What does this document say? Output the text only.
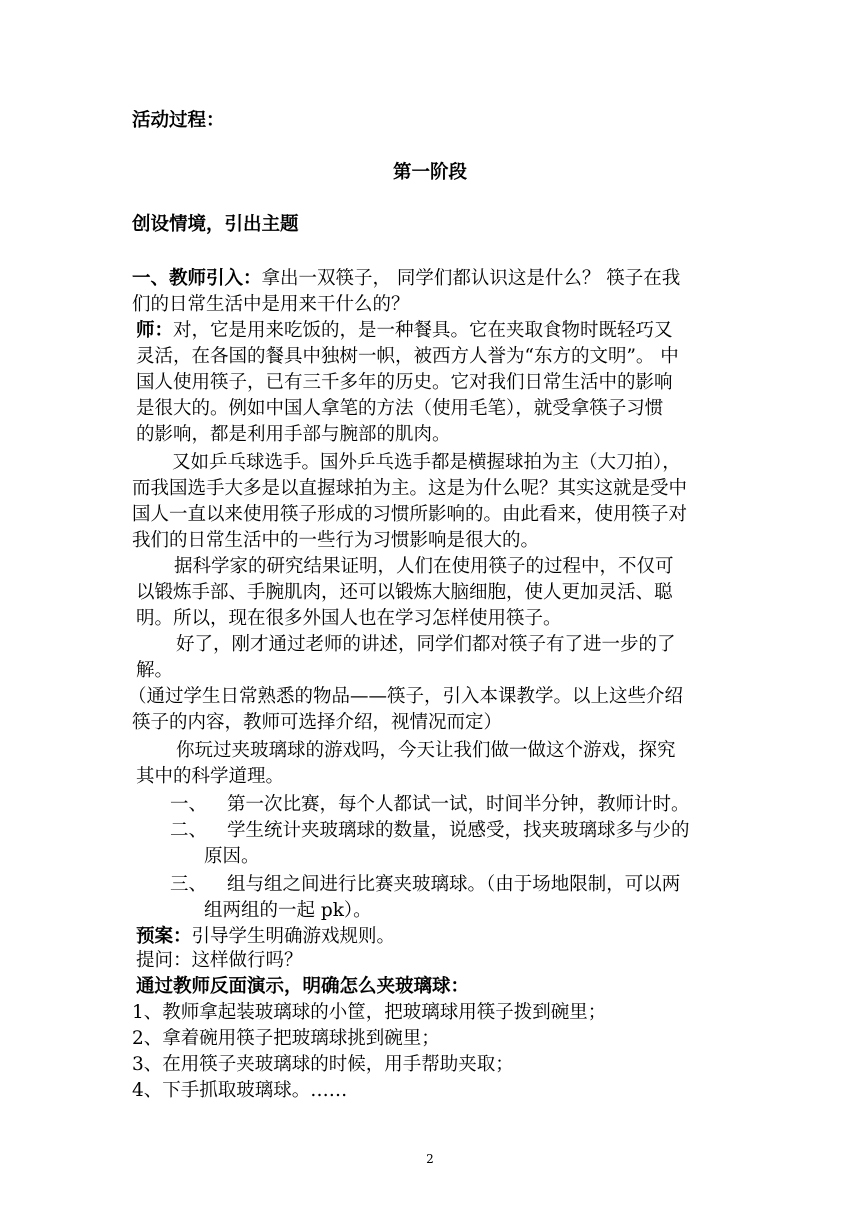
活动过程：
第一阶段
创设情境，引出主题
一、教师引入：拿出一双筷子， 同学们都认识这是什么？ 筷子在我
们的日常生活中是用来干什么的？
师：对，它是用来吃饭的，是一种餐具。它在夹取食物时既轻巧又
灵活，在各国的餐具中独树一帜，被西方人誉为“东方的文明”。 中
国人使用筷子，已有三千多年的历史。它对我们日常生活中的影响
是很大的。例如中国人拿笔的方法（使用毛笔），就受拿筷子习惯
的影响，都是利用手部与腕部的肌肉。
又如乒乓球选手。国外乒乓选手都是横握球拍为主（大刀拍），
而我国选手大多是以直握球拍为主。这是为什么呢？其实这就是受中
国人一直以来使用筷子形成的习惯所影响的。由此看来，使用筷子对
我们的日常生活中的一些行为习惯影响是很大的。
据科学家的研究结果证明，人们在使用筷子的过程中，不仅可
以锻炼手部、手腕肌肉，还可以锻炼大脑细胞，使人更加灵活、聪
明。所以，现在很多外国人也在学习怎样使用筷子。
好了，刚才通过老师的讲述，同学们都对筷子有了进一步的了
解。
（通过学生日常熟悉的物品——筷子，引入本课教学。以上这些介绍
筷子的内容，教师可选择介绍，视情况而定）
你玩过夹玻璃球的游戏吗，今天让我们做一做这个游戏，探究
其中的科学道理。
一、 第一次比赛，每个人都试一试，时间半分钟，教师计时。
二、 学生统计夹玻璃球的数量，说感受，找夹玻璃球多与少的
原因。
三、 组与组之间进行比赛夹玻璃球。（由于场地限制，可以两
组两组的一起 pk）。
预案：引导学生明确游戏规则。
提问：这样做行吗？
通过教师反面演示，明确怎么夹玻璃球：
1、教师拿起装玻璃球的小筐，把玻璃球用筷子拨到碗里；
2、拿着碗用筷子把玻璃球挑到碗里；
3、在用筷子夹玻璃球的时候，用手帮助夹取；
4、下手抓取玻璃球。……
2
